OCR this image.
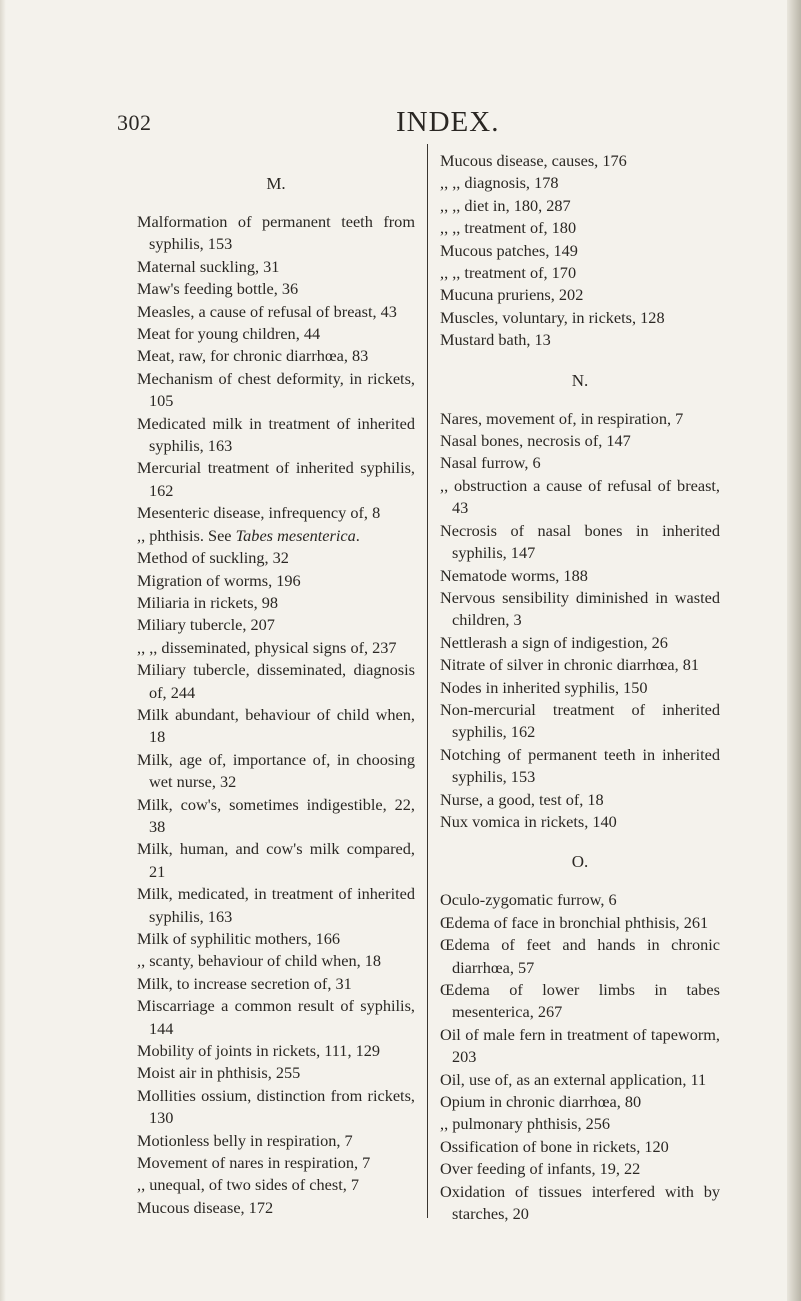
302	INDEX.

M.

Malformation of permanent teeth from syphilis, 153

Maternal suckling, 31

Maw's feeding bottle, 36

Measles, a cause of refusal of breast, 43

Meat for young children, 44

Meat, raw, for chronic diarrhœa, 83

Mechanism of chest deformity, in rickets, 105

Medicated milk in treatment of inherited syphilis, 163

Mercurial treatment of inherited syphilis, 162

Mesenteric disease, infrequency of, 8

,, phthisis. See Tabes mesenterica.

Method of suckling, 32

Migration of worms, 196

Miliaria in rickets, 98

Miliary tubercle, 207

,, ,, disseminated, physical signs of, 237

Miliary tubercle, disseminated, diagnosis of, 244

Milk abundant, behaviour of child when, 18

Milk, age of, importance of, in choosing wet nurse, 32

Milk, cow's, sometimes indigestible, 22, 38

Milk, human, and cow's milk compared, 21

Milk, medicated, in treatment of inherited syphilis, 163

Milk of syphilitic mothers, 166

,, scanty, behaviour of child when, 18

Milk, to increase secretion of, 31

Miscarriage a common result of syphilis, 144

Mobility of joints in rickets, 111, 129

Moist air in phthisis, 255

Mollities ossium, distinction from rickets, 130

Motionless belly in respiration, 7

Movement of nares in respiration, 7

,, unequal, of two sides of chest, 7

Mucous disease, 172

Mucous disease, causes, 176

,, ,, diagnosis, 178

,, ,, diet in, 180, 287

,, ,, treatment of, 180

Mucous patches, 149

,, ,, treatment of, 170

Mucuna pruriens, 202

Muscles, voluntary, in rickets, 128

Mustard bath, 13

N.

Nares, movement of, in respiration, 7

Nasal bones, necrosis of, 147

Nasal furrow, 6

,, obstruction a cause of refusal of breast, 43

Necrosis of nasal bones in inherited syphilis, 147

Nematode worms, 188

Nervous sensibility diminished in wasted children, 3

Nettlerash a sign of indigestion, 26

Nitrate of silver in chronic diarrhœa, 81

Nodes in inherited syphilis, 150

Non-mercurial treatment of inherited syphilis, 162

Notching of permanent teeth in inherited syphilis, 153

Nurse, a good, test of, 18

Nux vomica in rickets, 140

O.

Oculo-zygomatic furrow, 6

Œdema of face in bronchial phthisis, 261

Œdema of feet and hands in chronic diarrhœa, 57

Œdema of lower limbs in tabes mesenterica, 267

Oil of male fern in treatment of tapeworm, 203

Oil, use of, as an external application, 11

Opium in chronic diarrhœa, 80

,, pulmonary phthisis, 256

Ossification of bone in rickets, 120

Over feeding of infants, 19, 22

Oxidation of tissues interfered with by starches, 20
